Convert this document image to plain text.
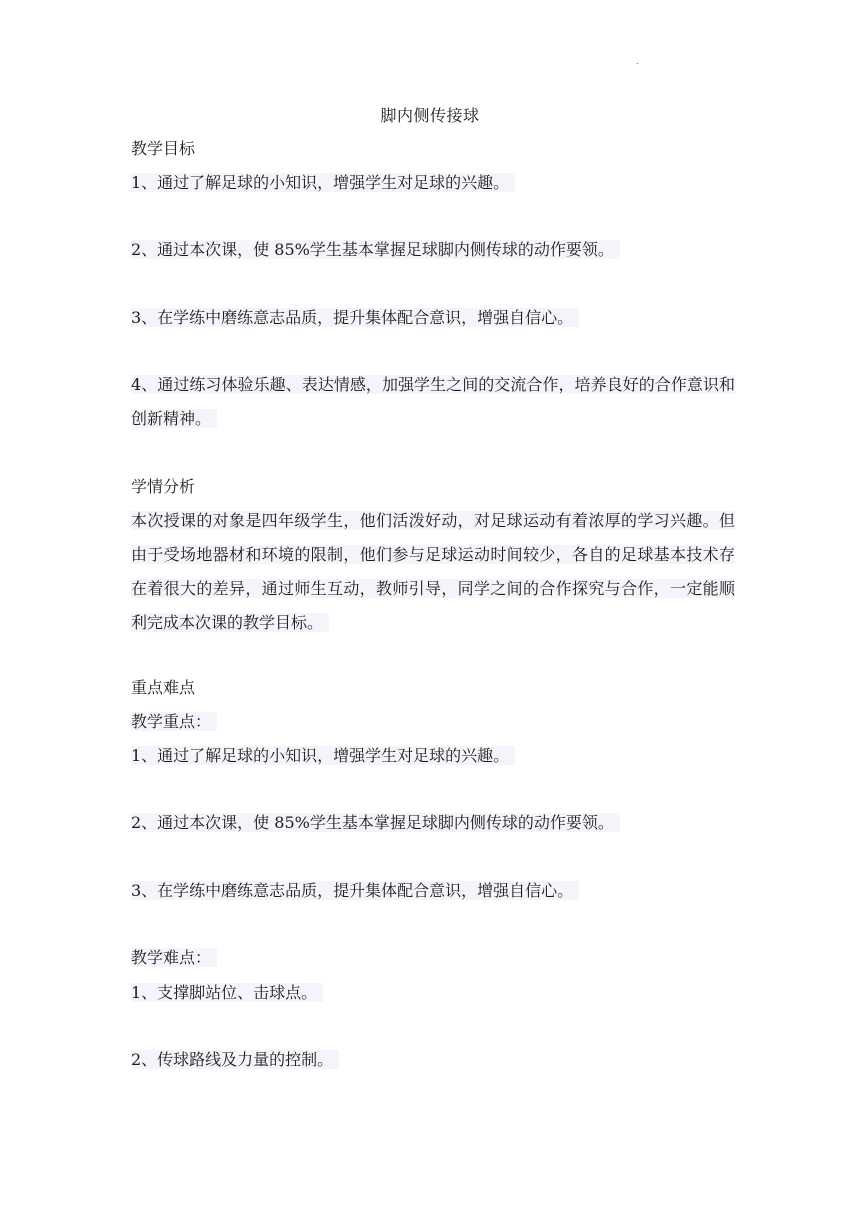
.
脚内侧传接球
教学目标
1、通过了解足球的小知识，增强学生对足球的兴趣。
2、通过本次课，使 85%学生基本掌握足球脚内侧传球的动作要领。
3、在学练中磨练意志品质，提升集体配合意识，增强自信心。
4、通过练习体验乐趣、表达情感，加强学生之间的交流合作，培养良好的合作意识和创新精神。
学情分析
本次授课的对象是四年级学生，他们活泼好动，对足球运动有着浓厚的学习兴趣。但由于受场地器材和环境的限制，他们参与足球运动时间较少，各自的足球基本技术存在着很大的差异，通过师生互动，教师引导，同学之间的合作探究与合作，一定能顺利完成本次课的教学目标。
重点难点
教学重点：
1、通过了解足球的小知识，增强学生对足球的兴趣。
2、通过本次课，使 85%学生基本掌握足球脚内侧传球的动作要领。
3、在学练中磨练意志品质，提升集体配合意识，增强自信心。
教学难点：
1、支撑脚站位、击球点。
2、传球路线及力量的控制。
